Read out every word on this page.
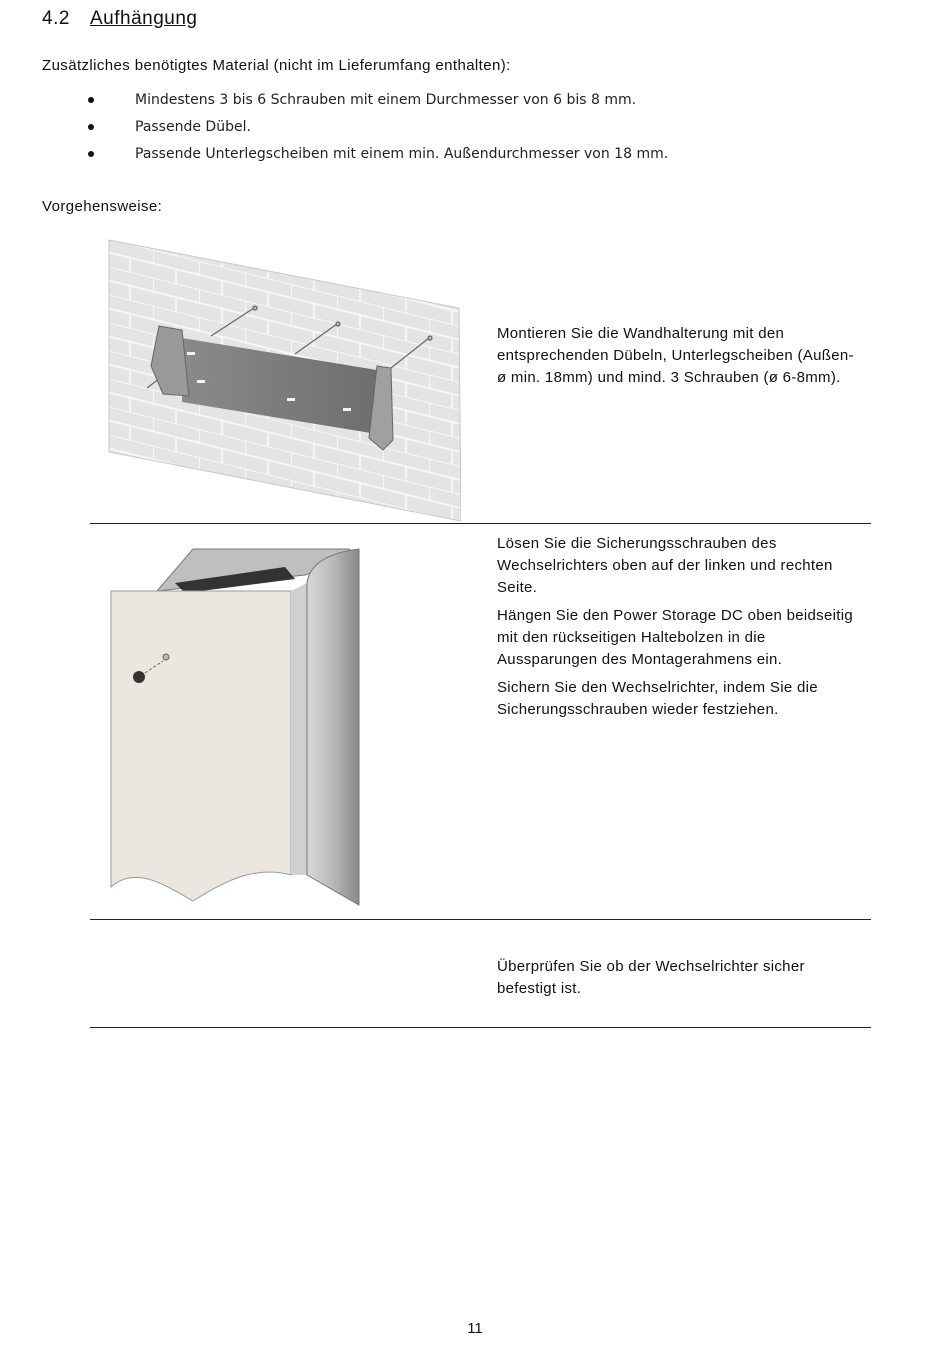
4.2 Aufhängung
Zusätzliches benötigtes Material (nicht im Lieferumfang enthalten):
Mindestens 3 bis 6 Schrauben mit einem Durchmesser von 6 bis 8 mm.
Passende Dübel.
Passende Unterlegscheiben mit einem min. Außendurchmesser von 18 mm.
Vorgehensweise:

Montieren Sie die Wandhalterung mit den entsprechenden Dübeln, Unterlegscheiben (Außen- ø min. 18mm) und mind. 3 Schrauben (ø 6-8mm).

Lösen Sie die Sicherungsschrauben des Wechselrichters oben auf der linken und rechten Seite.

Hängen Sie den Power Storage DC oben beidseitig mit den rückseitigen Haltebolzen in die Aussparungen des Montagerahmens ein.

Sichern Sie den Wechselrichter, indem Sie die Sicherungsschrauben wieder festziehen.

Überprüfen Sie ob der Wechselrichter sicher befestigt ist.

11
